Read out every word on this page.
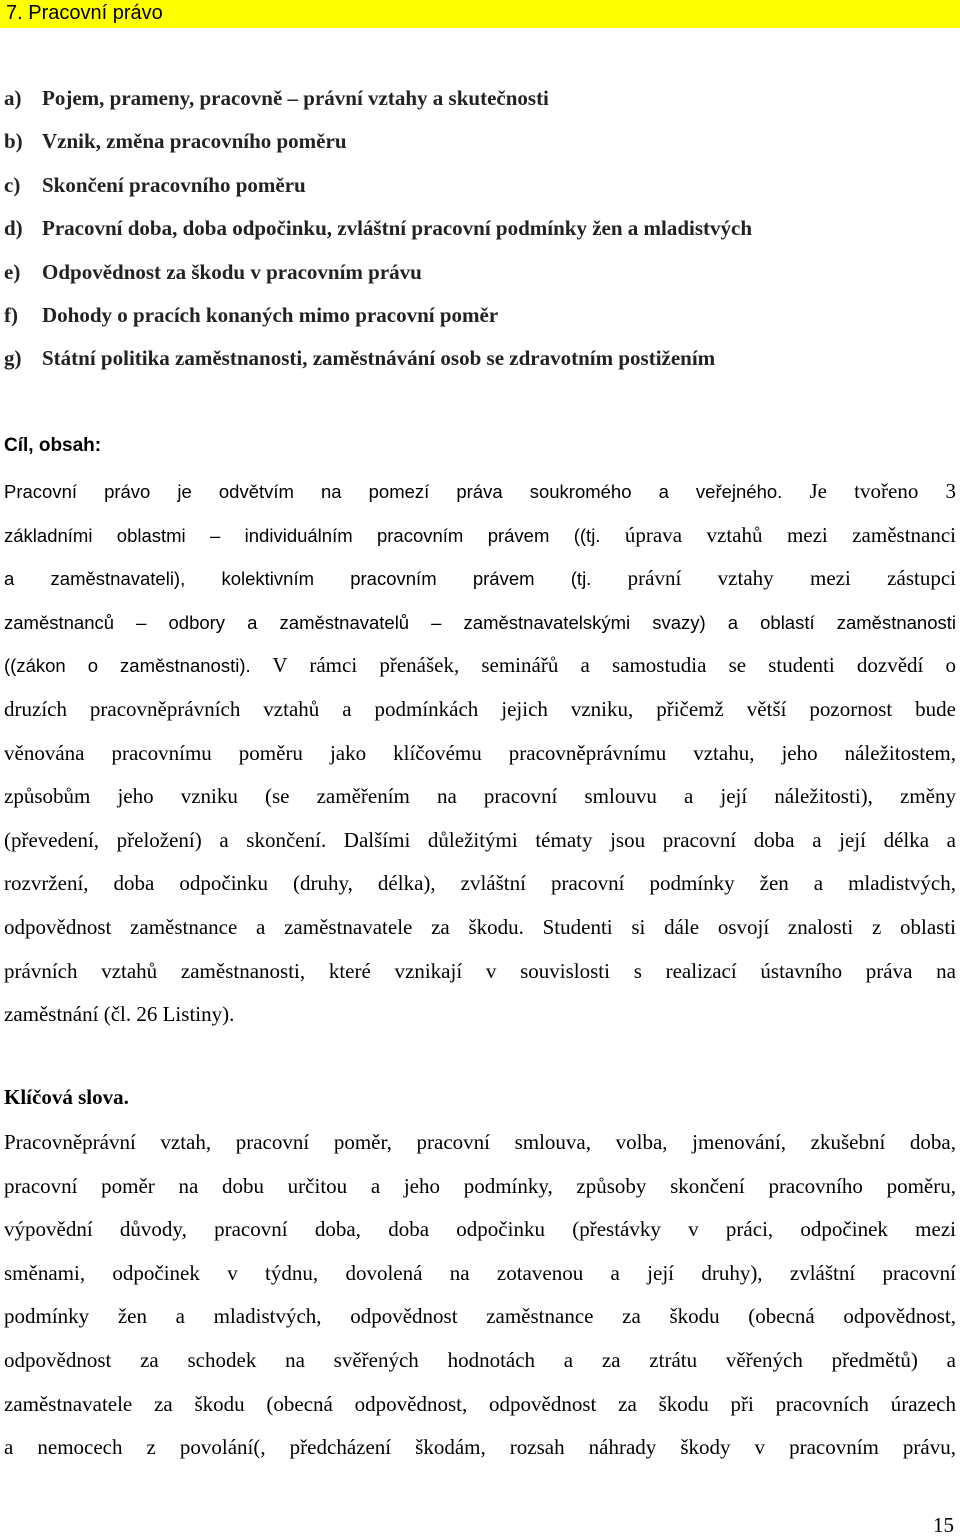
7. Pracovní právo
a) Pojem, prameny, pracovně – právní vztahy a skutečnosti
b) Vznik, změna pracovního poměru
c)	Skončení pracovního poměru
d) Pracovní doba, doba odpočinku, zvláštní pracovní podmínky žen a mladistvých
e)	Odpovědnost za škodu v pracovním právu
f)	Dohody o pracích konaných mimo pracovní poměr
g) Státní politika zaměstnanosti, zaměstnávání osob se zdravotním postižením
Cíl, obsah:
Pracovní právo je odvětvím na pomezí práva soukromého a veřejného. Je tvořeno 3
základními oblastmi – individuálním pracovním právem ((tj. úprava vztahů mezi zaměstnanci
a zaměstnavateli), kolektivním pracovním právem (tj. právní vztahy mezi zástupci
zaměstnanců – odbory a zaměstnavatelů – zaměstnavatelskými svazy) a oblastí zaměstnanosti
((zákon o zaměstnanosti). V rámci přenášek, seminářů a samostudia se studenti dozvědí o
druzích pracovněprávních vztahů a podmínkách jejich vzniku, přičemž větší pozornost bude
věnována pracovnímu poměru jako klíčovému pracovněprávnímu vztahu, jeho náležitostem,
způsobům jeho vzniku (se zaměřením na pracovní smlouvu a její náležitosti), změny
(převedení, přeložení) a skončení. Dalšími důležitými tématy jsou pracovní doba a její délka a
rozvržení, doba odpočinku (druhy, délka), zvláštní pracovní podmínky žen a mladistvých,
odpovědnost zaměstnance a zaměstnavatele za škodu. Studenti si dále osvojí znalosti z oblasti
právních vztahů zaměstnanosti, které vznikají v souvislosti s realizací ústavního práva na
zaměstnání (čl. 26 Listiny).
Klíčová slova.
Pracovněprávní vztah, pracovní poměr, pracovní smlouva, volba, jmenování, zkušební doba,
pracovní poměr na dobu určitou a jeho podmínky, způsoby skončení pracovního poměru,
výpovědní důvody, pracovní doba, doba odpočinku (přestávky v práci, odpočinek mezi
směnami, odpočinek v týdnu, dovolená na zotavenou a její druhy), zvláštní pracovní
podmínky žen a mladistvých, odpovědnost zaměstnance za škodu (obecná odpovědnost,
odpovědnost za schodek na svěřených hodnotách a za ztrátu věřených předmětů) a
zaměstnavatele za škodu (obecná odpovědnost, odpovědnost za škodu při pracovních úrazech
a nemocech z povolání(, předcházení škodám, rozsah náhrady škody v pracovním právu,
15
